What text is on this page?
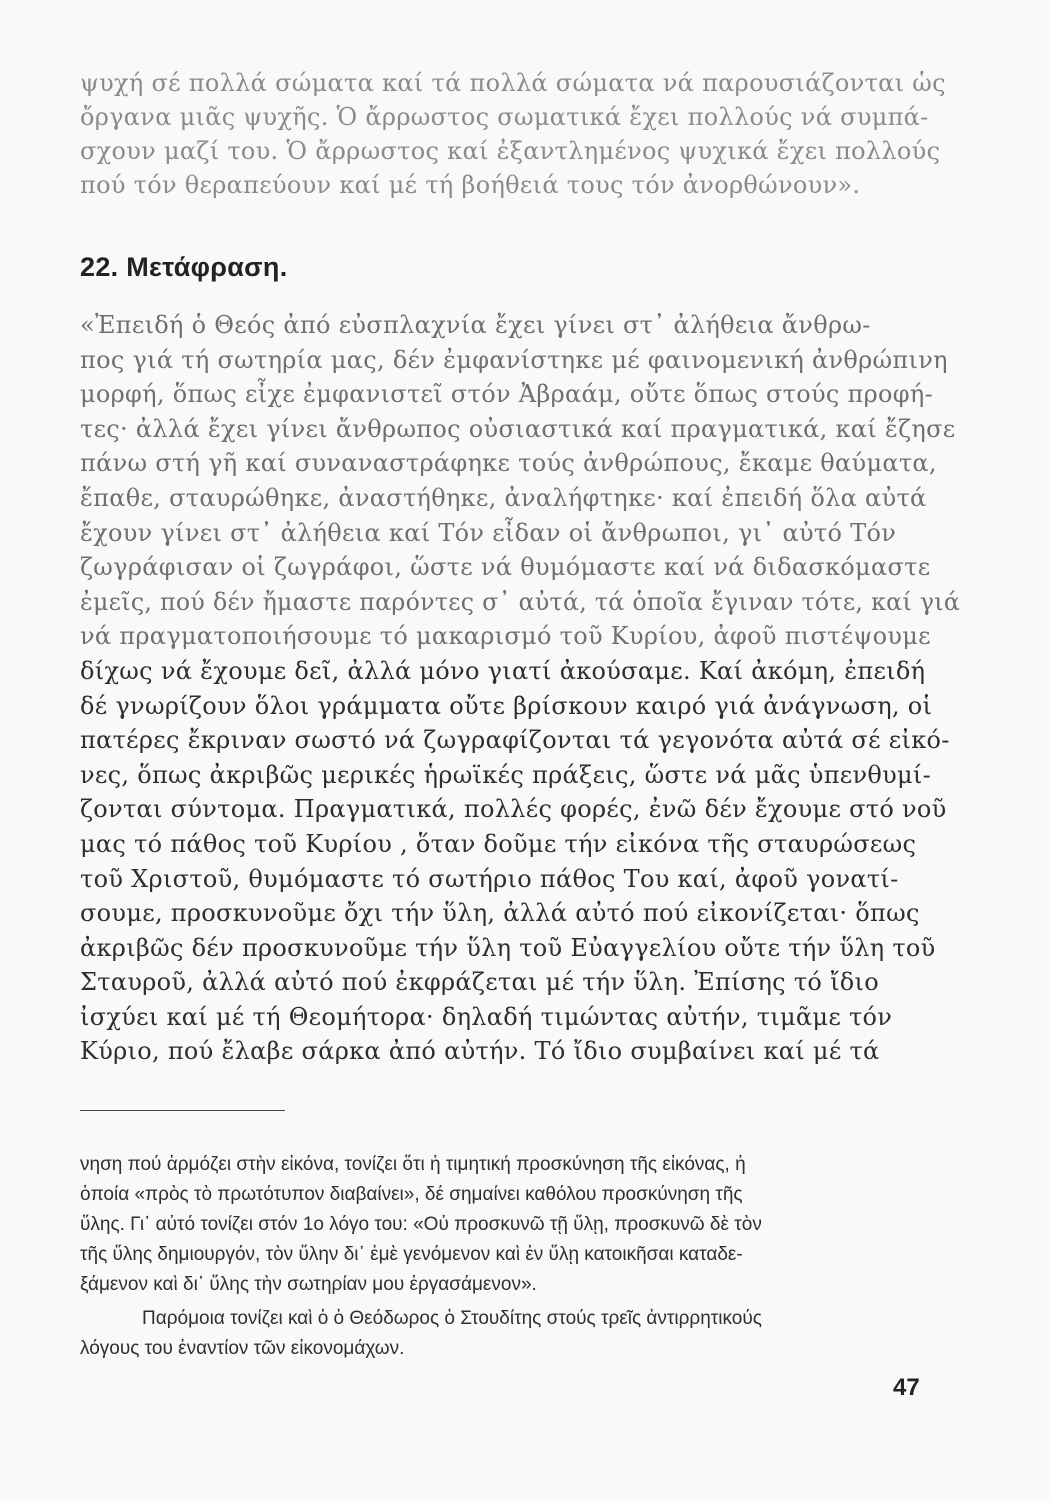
ψυχή σέ πολλά σώματα καί τά πολλά σώματα νά παρουσιάζονται ὡς
ὄργανα μιᾶς ψυχῆς. Ὁ ἄρρωστος σωματικά ἔχει πολλούς νά συμπά-
σχουν μαζί του. Ὁ ἄρρωστος καί ἐξαντλημένος ψυχικά ἔχει πολλούς
πού τόν θεραπεύουν καί μέ τή βοήθειά τους τόν ἀνορθώνουν».
22. Μετάφραση.
«Ἐπειδή ὁ Θεός ἀπό εὐσπλαχνία ἔχει γίνει στ᾽ ἀλήθεια ἄνθρω-
πος γιά τή σωτηρία μας, δέν ἐμφανίστηκε μέ φαινομενική ἀνθρώπινη
μορφή, ὅπως εἶχε ἐμφανιστεῖ στόν Ἀβραάμ, οὔτε ὅπως στούς προφή-
τες· ἀλλά ἔχει γίνει ἄνθρωπος οὐσιαστικά καί πραγματικά, καί ἔζησε
πάνω στή γῆ καί συναναστράφηκε τούς ἀνθρώπους, ἔκαμε θαύματα,
ἔπαθε, σταυρώθηκε, ἀναστήθηκε, ἀναλήφτηκε· καί ἐπειδή ὅλα αὐτά
ἔχουν γίνει στ᾽ ἀλήθεια καί Τόν εἶδαν οἱ ἄνθρωποι, γι᾽ αὐτό Τόν
ζωγράφισαν οἱ ζωγράφοι, ὥστε νά θυμόμαστε καί νά διδασκόμαστε
ἐμεῖς, πού δέν ἤμαστε παρόντες σ᾽ αὐτά, τά ὁποῖα ἔγιναν τότε, καί γιά
νά πραγματοποιήσουμε τό μακαρισμό τοῦ Κυρίου, ἀφοῦ πιστέψουμε
δίχως νά ἔχουμε δεῖ, ἀλλά μόνο γιατί ἀκούσαμε. Καί ἀκόμη, ἐπειδή
δέ γνωρίζουν ὅλοι γράμματα οὔτε βρίσκουν καιρό γιά ἀνάγνωση, οἱ
πατέρες ἔκριναν σωστό νά ζωγραφίζονται τά γεγονότα αὐτά σέ εἰκό-
νες, ὅπως ἀκριβῶς μερικές ἡρωϊκές πράξεις, ὥστε νά μᾶς ὑπενθυμί-
ζονται σύντομα. Πραγματικά, πολλές φορές, ἐνῶ δέν ἔχουμε στό νοῦ
μας τό πάθος τοῦ Κυρίου , ὅταν δοῦμε τήν εἰκόνα τῆς σταυρώσεως
τοῦ Χριστοῦ, θυμόμαστε τό σωτήριο πάθος Του καί, ἀφοῦ γονατί-
σουμε, προσκυνοῦμε ὄχι τήν ὕλη, ἀλλά αὐτό πού εἰκονίζεται· ὅπως
ἀκριβῶς δέν προσκυνοῦμε τήν ὕλη τοῦ Εὐαγγελίου οὔτε τήν ὕλη τοῦ
Σταυροῦ, ἀλλά αὐτό πού ἐκφράζεται μέ τήν ὕλη. Ἐπίσης τό ἴδιο
ἰσχύει καί μέ τή Θεομήτορα· δηλαδή τιμώντας αὐτήν, τιμᾶμε τόν
Κύριο, πού ἔλαβε σάρκα ἀπό αὐτήν. Τό ἴδιο συμβαίνει καί μέ τά
νηση πού ἁρμόζει στὴν εἰκόνα, τονίζει ὅτι ἡ τιμητική προσκύνηση τῆς εἰκόνας, ἡ
ὁποία «πρὸς τὸ πρωτότυπον διαβαίνει», δέ σημαίνει καθόλου προσκύνηση τῆς
ὕλης. Γι᾽ αὐτό τονίζει στόν 1ο λόγο του: «Οὐ προσκυνῶ τῇ ὕλῃ, προσκυνῶ δὲ τὸν
τῆς ὕλης δημιουργόν, τὸν ὕλην δι᾽ ἐμὲ γενόμενον καὶ ἐν ὕλῃ κατοικῆσαι καταδε-
ξάμενον καὶ δι᾽ ὕλης τὴν σωτηρίαν μου ἐργασάμενον».
Παρόμοια τονίζει καὶ ὁ ὁ Θεόδωρος ὁ Στουδίτης στούς τρεῖς ἀντιρρητικούς
λόγους του ἐναντίον τῶν εἰκονομάχων.
47
